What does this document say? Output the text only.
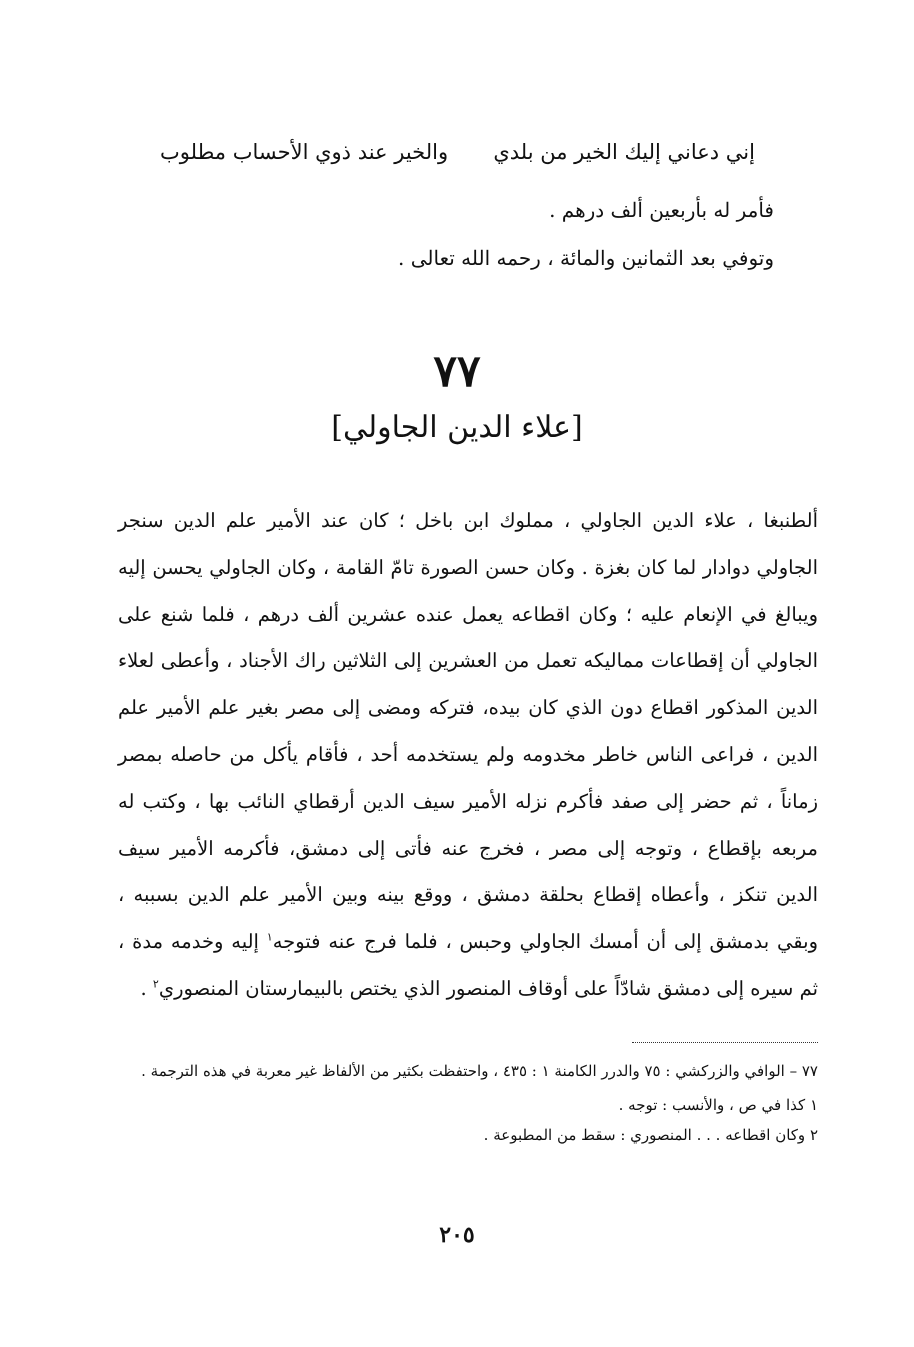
إني دعاني إليك الخير من بلدي
والخير عند ذوي الأحساب مطلوب
فأمر له بأربعين ألف درهم .
وتوفي بعد الثمانين والمائة ، رحمه الله تعالى .
٧٧
[علاء الدين الجاولي]
ألطنبغا ، علاء الدين الجاولي ، مملوك ابن باخل ؛ كان عند الأمير علم الدين سنجر الجاولي دوادار لما كان بغزة . وكان حسن الصورة تامّ القامة ، وكان الجاولي يحسن إليه ويبالغ في الإنعام عليه ؛ وكان اقطاعه يعمل عنده عشرين ألف درهم ، فلما شنع على الجاولي أن إقطاعات مماليكه تعمل من العشرين إلى الثلاثين راك الأجناد ، وأعطى لعلاء الدين المذكور اقطاع دون الذي كان بيده، فتركه ومضى إلى مصر بغير علم الأمير علم الدين ، فراعى الناس خاطر مخدومه ولم يستخدمه أحد ، فأقام يأكل من حاصله بمصر زماناً ، ثم حضر إلى صفد فأكرم نزله الأمير سيف الدين أرقطاي النائب بها ، وكتب له مربعه بإقطاع ، وتوجه إلى مصر ، فخرج عنه فأتى إلى دمشق، فأكرمه الأمير سيف الدين تنكز ، وأعطاه إقطاع بحلقة دمشق ، ووقع بينه وبين الأمير علم الدين بسببه ، وبقي بدمشق إلى أن أمسك الجاولي وحبس ، فلما فرج عنه فتوجه$^١$ إليه وخدمه مدة ، ثم سيره إلى دمشق شادّاً على أوقاف المنصور الذي يختص بالبيمارستان المنصوري$^٢$ .

٧٧ – الوافي والزركشي : ٧٥ والدرر الكامنة ١ : ٤٣٥ ، واحتفظت بكثير من الألفاظ غير معربة في هذه الترجمة .

١ كذا في ص ، والأنسب : توجه .

٢ وكان اقطاعه . . . المنصوري : سقط من المطبوعة .

٢٠٥
